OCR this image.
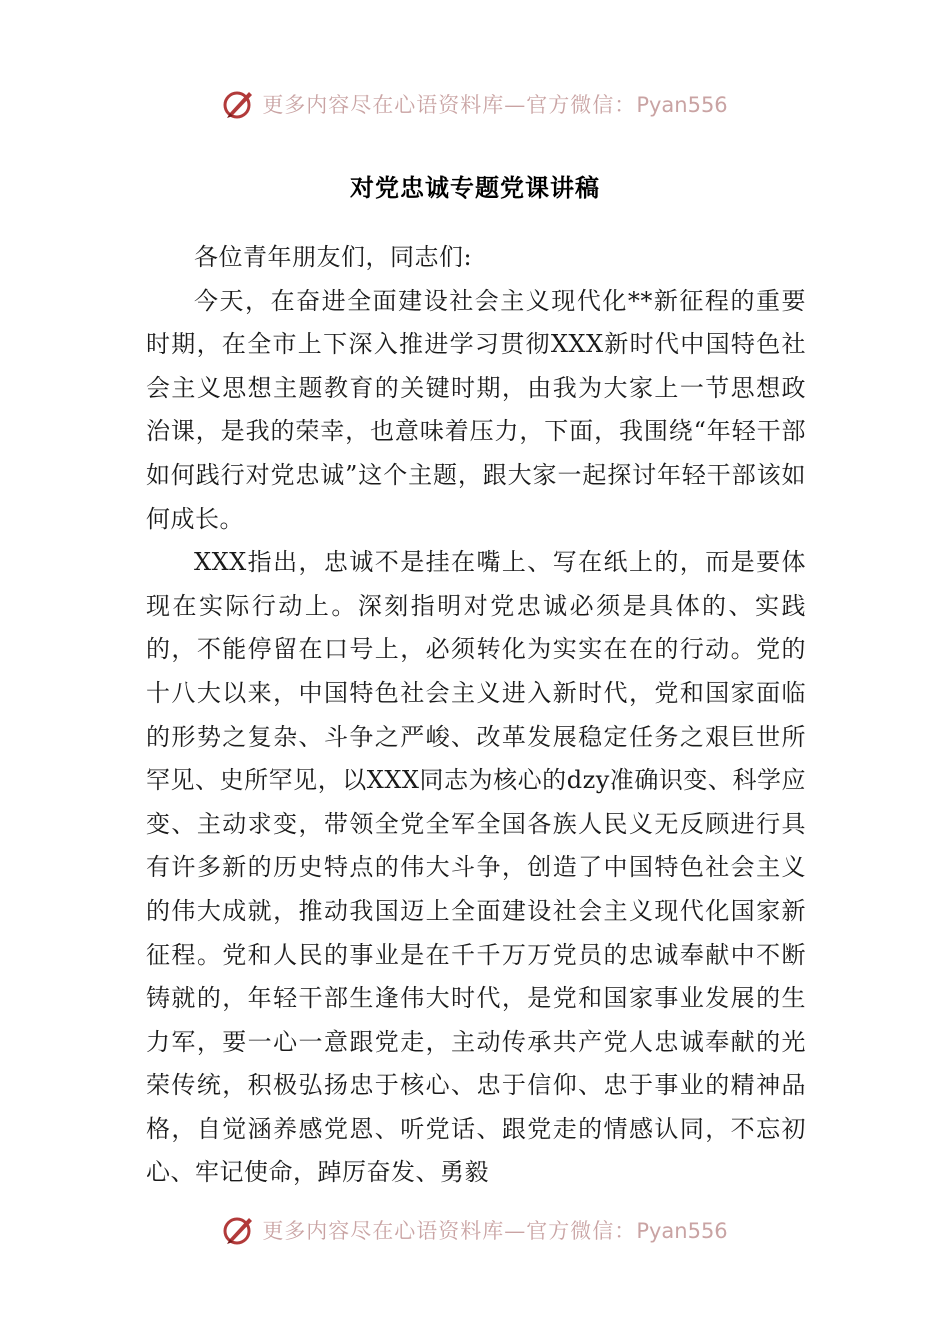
更多内容尽在心语资料库—官方微信：Pyan556
对党忠诚专题党课讲稿

各位青年朋友们，同志们:

今天，在奋进全面建设社会主义现代化**新征程的重要时期，在全市上下深入推进学习贯彻XXX新时代中国特色社会主义思想主题教育的关键时期，由我为大家上一节思想政治课，是我的荣幸，也意味着压力，下面，我围绕“年轻干部如何践行对党忠诚”这个主题，跟大家一起探讨年轻干部该如何成长。

XXX指出，忠诚不是挂在嘴上、写在纸上的，而是要体现在实际行动上。深刻指明对党忠诚必须是具体的、实践的，不能停留在口号上，必须转化为实实在在的行动。党的十八大以来，中国特色社会主义进入新时代，党和国家面临的形势之复杂、斗争之严峻、改革发展稳定任务之艰巨世所罕见、史所罕见，以XXX同志为核心的dzy准确识变、科学应变、主动求变，带领全党全军全国各族人民义无反顾进行具有许多新的历史特点的伟大斗争，创造了中国特色社会主义的伟大成就，推动我国迈上全面建设社会主义现代化国家新征程。党和人民的事业是在千千万万党员的忠诚奉献中不断铸就的，年轻干部生逢伟大时代，是党和国家事业发展的生力军，要一心一意跟党走，主动传承共产党人忠诚奉献的光荣传统，积极弘扬忠于核心、忠于信仰、忠于事业的精神品格，自觉涵养感党恩、听党话、跟党走的情感认同，不忘初心、牢记使命，踔厉奋发、勇毅

更多内容尽在心语资料库—官方微信：Pyan556
